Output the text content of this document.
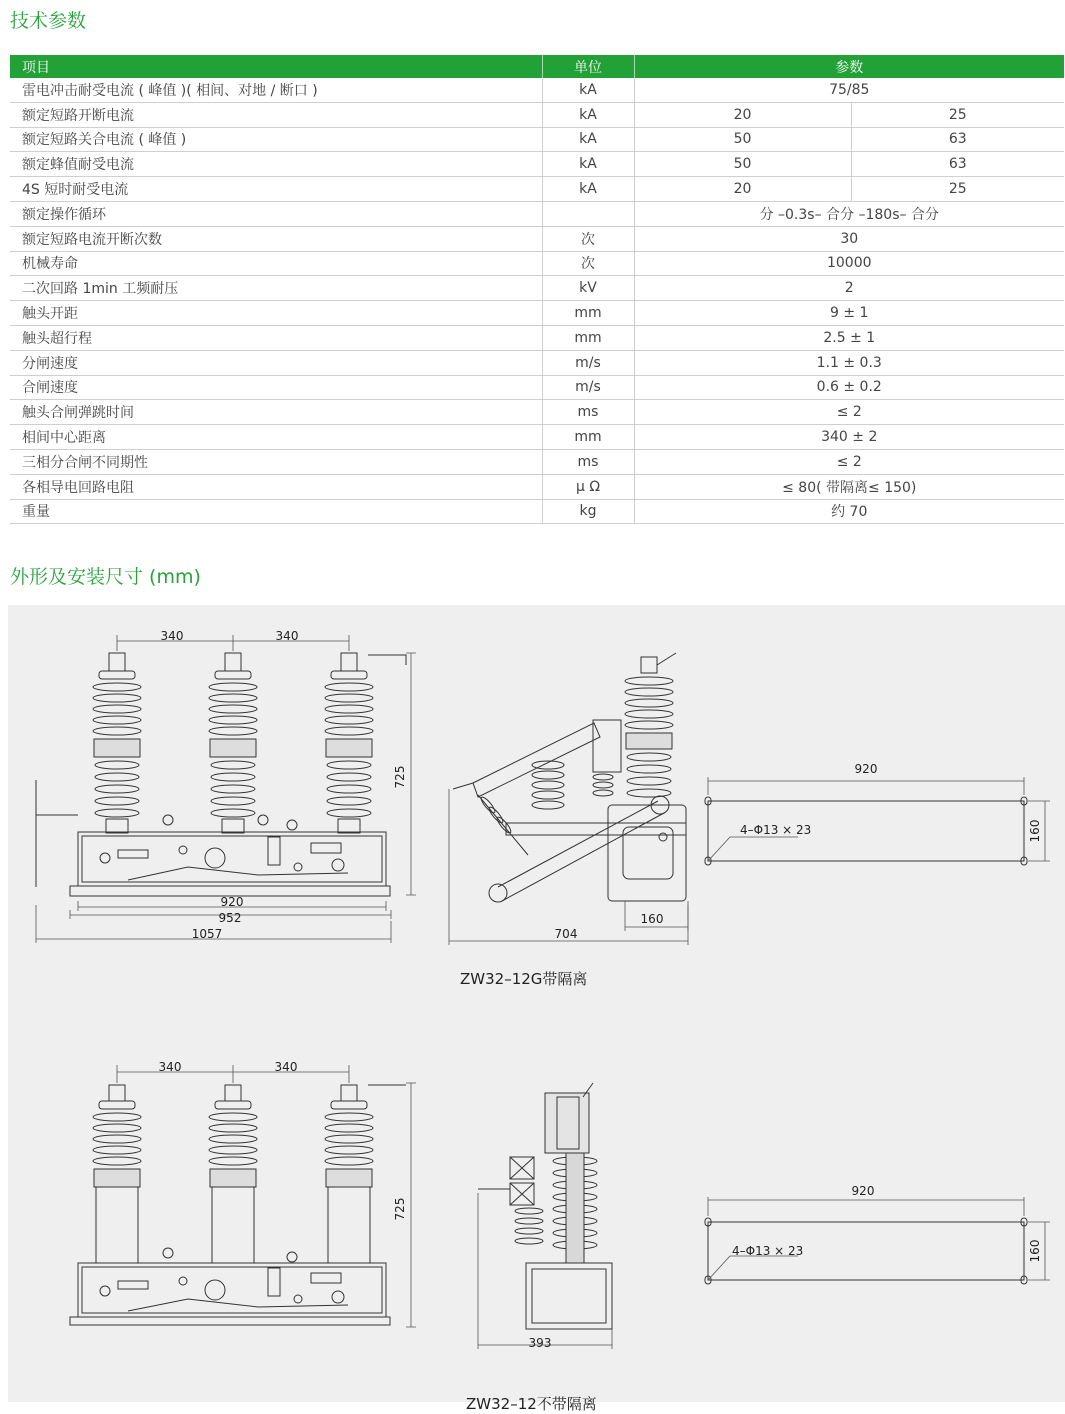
技术参数
项目	单位	参数	
雷电冲击耐受电流 ( 峰值 )( 相间、对地 / 断口 )	kA	75/85	
额定短路开断电流	kA	20	25
额定短路关合电流 ( 峰值 )	kA	50	63
额定蜂值耐受电流	kA	50	63
4S 短时耐受电流	kA	20	25
额定操作循环		分 –0.3s– 合分 –180s– 合分	
额定短路电流开断次数	次	30	
机械寿命	次	10000	
二次回路 1min 工频耐压	kV	2	
触头开距	mm	9 ± 1	
触头超行程	mm	2.5 ± 1	
分闸速度	m/s	1.1 ± 0.3	
合闸速度	m/s	0.6 ± 0.2	
触头合闸弹跳时间	ms	≤ 2	
相间中心距离	mm	340 ± 2	
三相分合闸不同期性	ms	≤ 2	
各相导电回路电阻	μ Ω	≤ 80( 带隔离≤ 150)	
重量	kg	约 70	
外形及安装尺寸 (mm)
340	340
725
920
952
1057	704
160
920
160
4–Φ13 × 23
340	340
725
393
920
160
4–Φ13 × 23
ZW32–12G带隔离
ZW32–12不带隔离
